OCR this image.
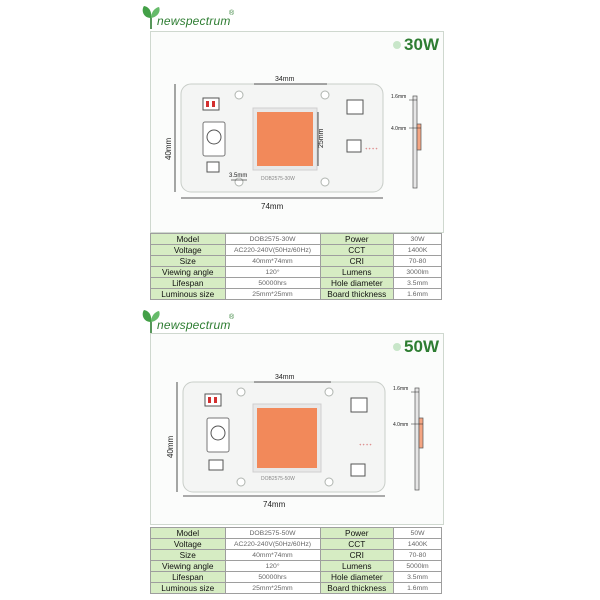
newspectrum
®
+ + + +
DOB2575-30W
34mm
25mm
40mm
74mm
3.5mm
1.6mm
4.0mm
30W
Model	DOB2575-30W	Power	30W
Voltage	AC220-240V(50Hz/60Hz)	CCT	1400K
Size	40mm*74mm	CRI	70-80
Viewing angle	120°	Lumens	3000lm
Lifespan	50000hrs	Hole diameter	3.5mm
Luminous size	25mm*25mm	Board thickness	1.6mm
newspectrum
®
+ + + +
DOB2575-50W
34mm
40mm
74mm
1.6mm
4.0mm
50W
Model	DOB2575-50W	Power	50W
Voltage	AC220-240V(50Hz/60Hz)	CCT	1400K
Size	40mm*74mm	CRI	70-80
Viewing angle	120°	Lumens	5000lm
Lifespan	50000hrs	Hole diameter	3.5mm
Luminous size	25mm*25mm	Board thickness	1.6mm
